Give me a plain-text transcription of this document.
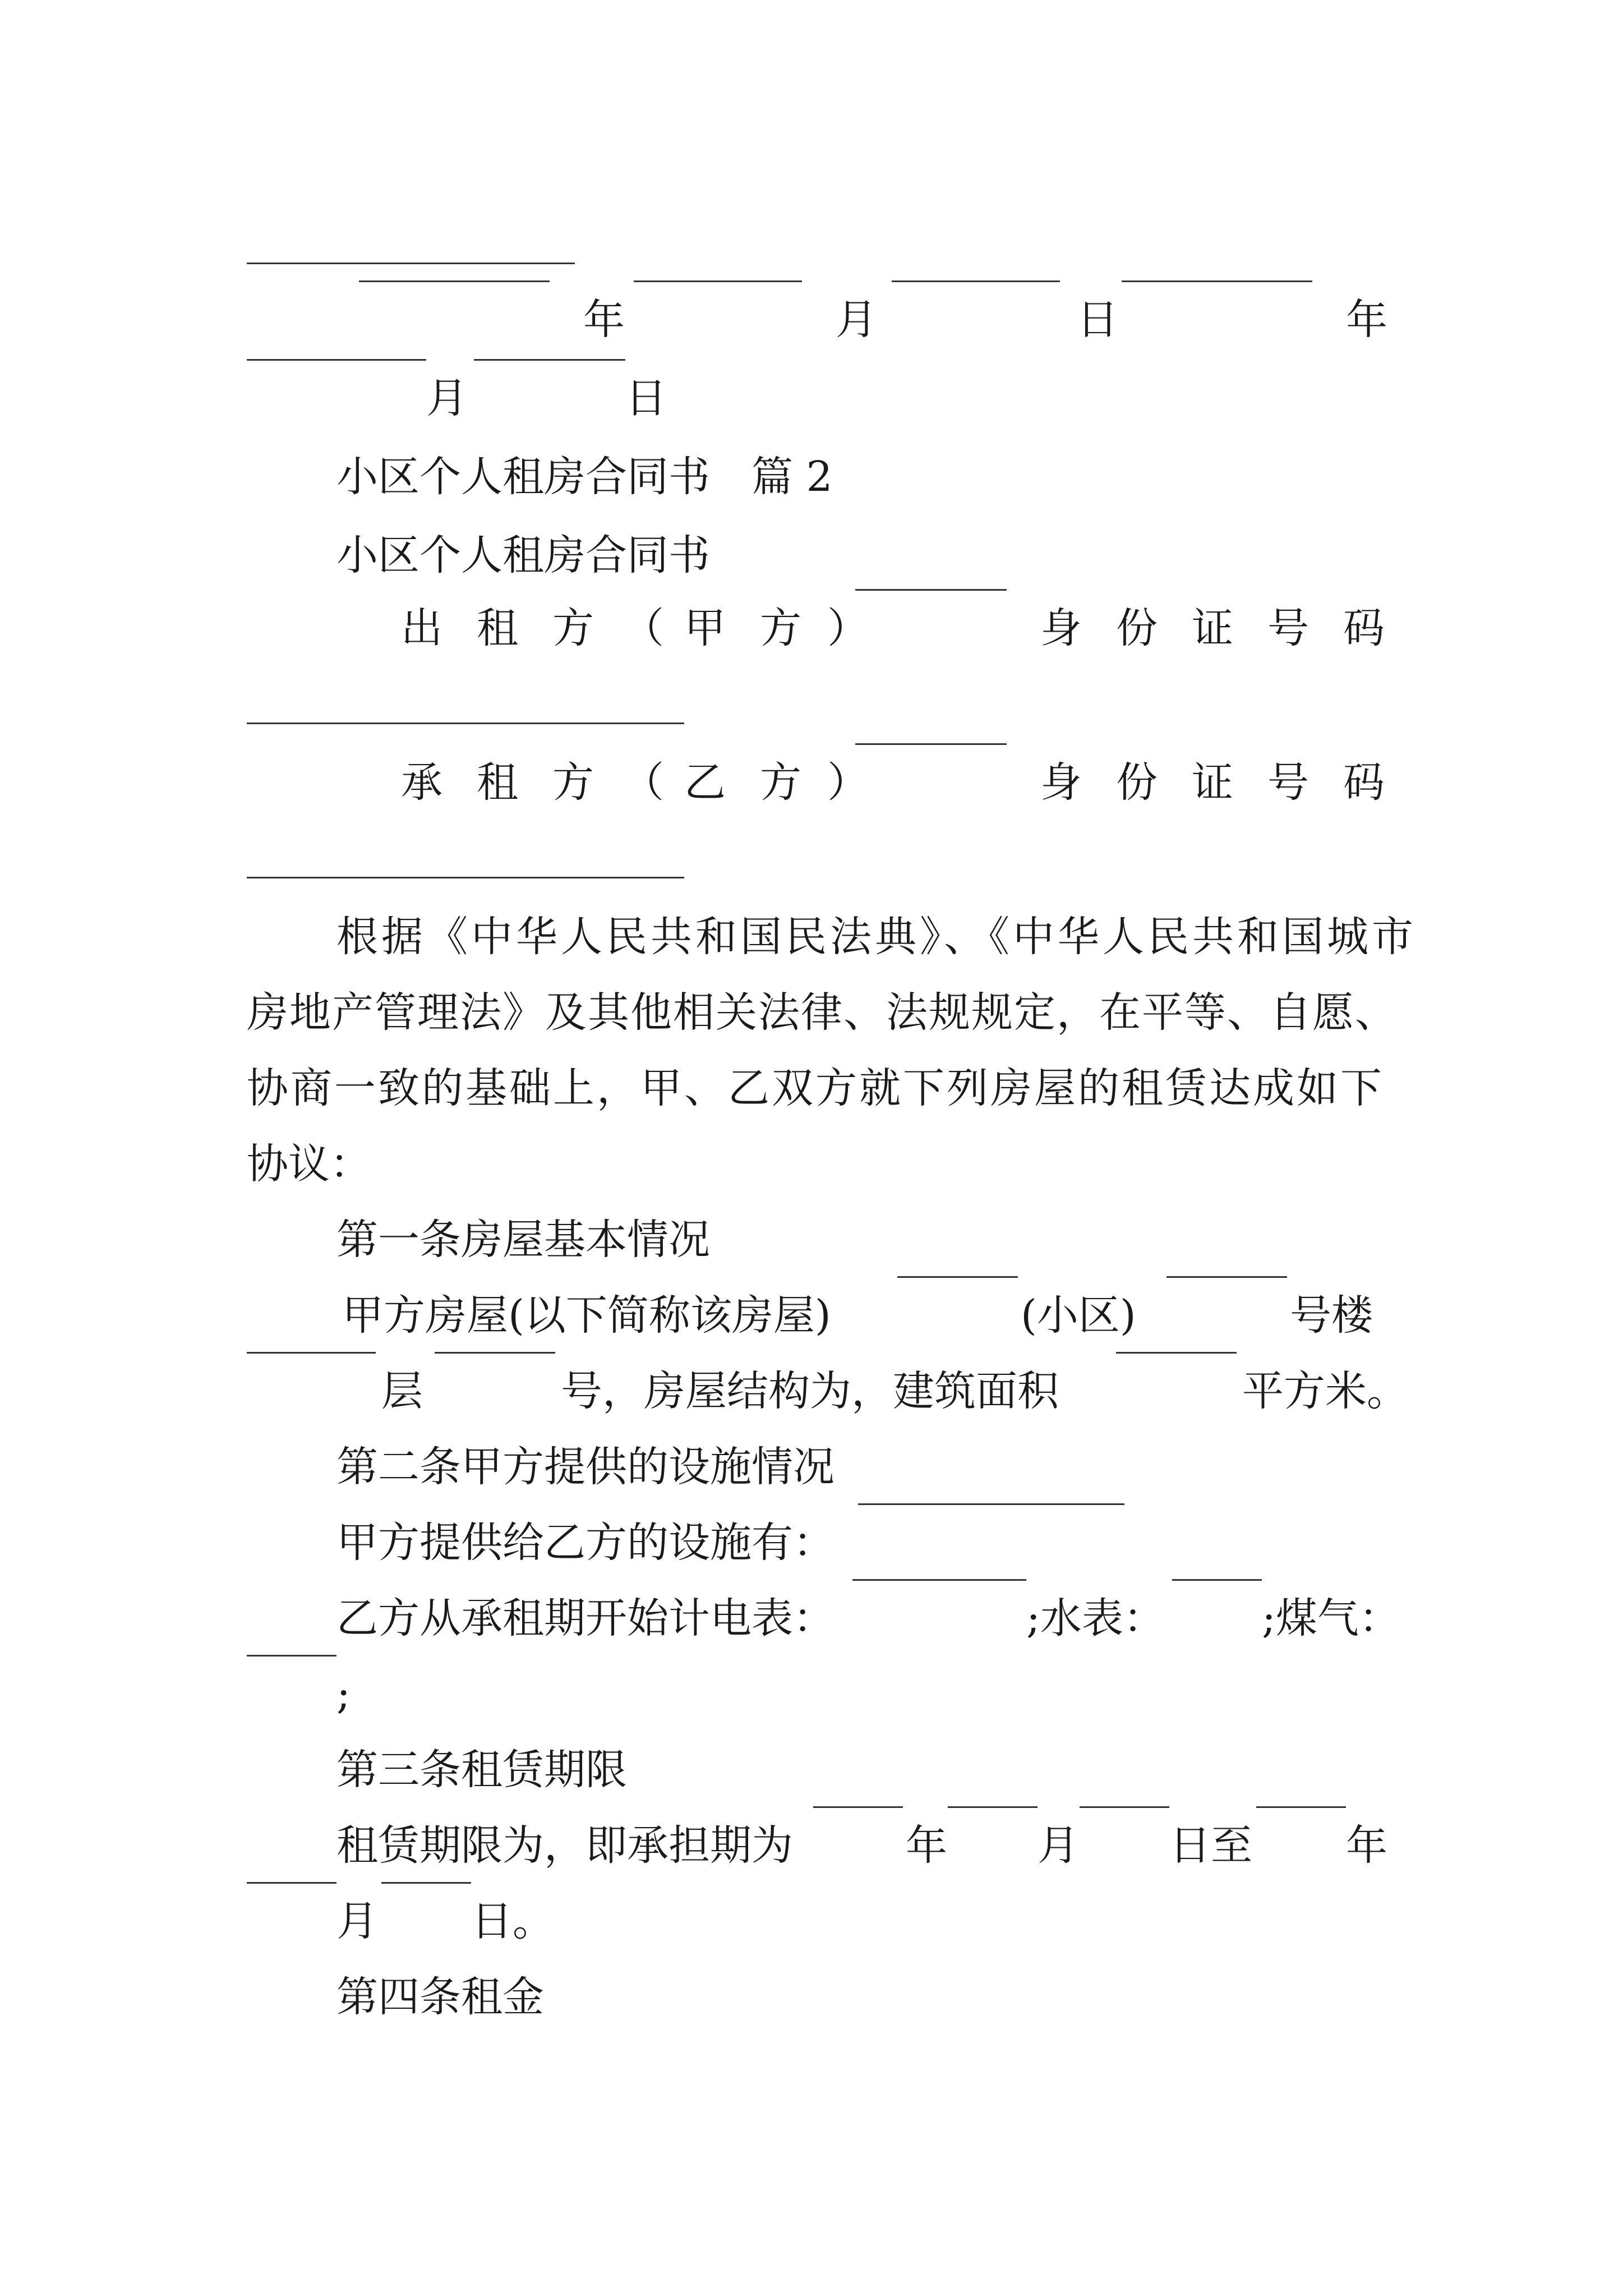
年	月	日	年
月	日
小区个人租房合同书 篇 2
小区个人租房合同书
出 租 方 （ 甲 方 ）	身 份 证 号 码
承 租 方 （ 乙 方 ）	身 份 证 号 码
根据《中华人民共和国民法典》、《中华人民共和国城市
房地产管理法》及其他相关法律、法规规定，在平等、自愿、
协商一致的基础上，甲、乙双方就下列房屋的租赁达成如下
协议：
第一条房屋基本情况
甲方房屋(以下简称该房屋)	(小区)	号楼
层	号，房屋结构为，建筑面积	平方米。
第二条甲方提供的设施情况
甲方提供给乙方的设施有：
乙方从承租期开始计电表：	;水表： ;煤气：
;
第三条租赁期限
租赁期限为，即承担期为	年 月 日至 年
月 日。
第四条租金
